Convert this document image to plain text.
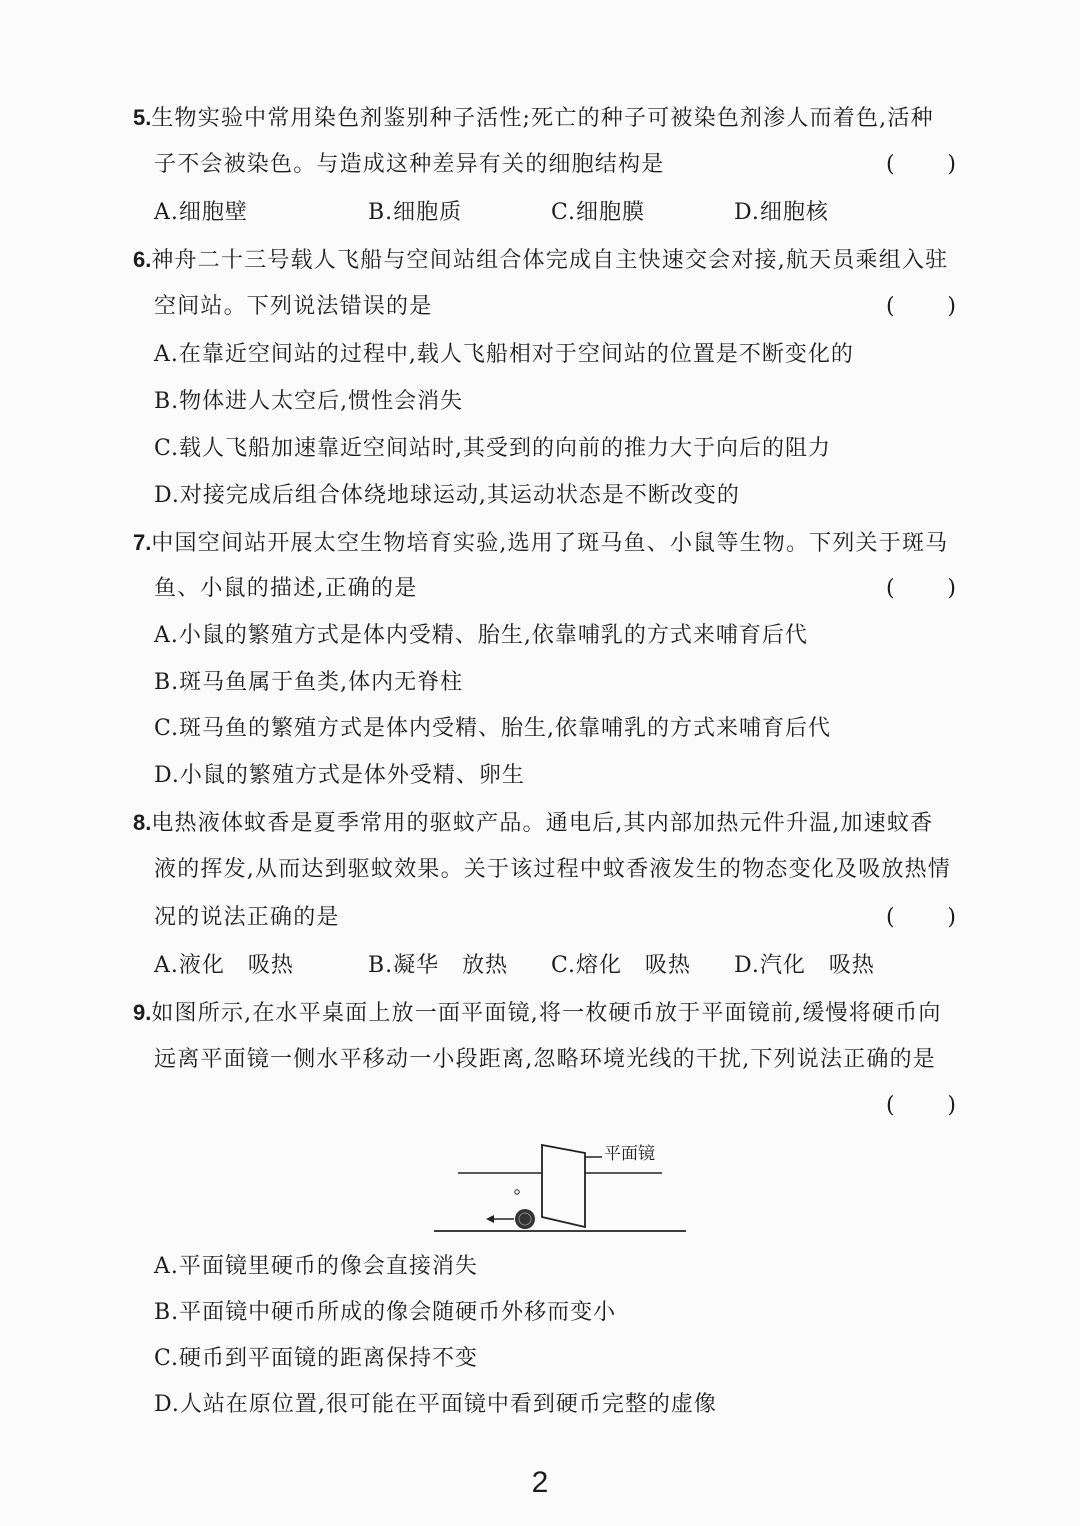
5.生物实验中常用染色剂鉴别种子活性;死亡的种子可被染色剂渗人而着色,活种
子不会被染色。与造成这种差异有关的细胞结构是	( )
A.细胞壁	B.细胞质	C.细胞膜	D.细胞核
6.神舟二十三号载人飞船与空间站组合体完成自主快速交会对接,航天员乘组入驻
空间站。下列说法错误的是	( )
A.在靠近空间站的过程中,载人飞船相对于空间站的位置是不断变化的
B.物体进人太空后,惯性会消失
C.载人飞船加速靠近空间站时,其受到的向前的推力大于向后的阻力
D.对接完成后组合体绕地球运动,其运动状态是不断改变的
7.中国空间站开展太空生物培育实验,选用了斑马鱼、小鼠等生物。下列关于斑马
鱼、小鼠的描述,正确的是	( )
A.小鼠的繁殖方式是体内受精、胎生,依靠哺乳的方式来哺育后代
B.斑马鱼属于鱼类,体内无脊柱
C.斑马鱼的繁殖方式是体内受精、胎生,依靠哺乳的方式来哺育后代
D.小鼠的繁殖方式是体外受精、卵生
8.电热液体蚊香是夏季常用的驱蚊产品。通电后,其内部加热元件升温,加速蚊香
液的挥发,从而达到驱蚊效果。关于该过程中蚊香液发生的物态变化及吸放热情
况的说法正确的是	( )
A.液化　吸热	B.凝华　放热 C.熔化　吸热 D.汽化　吸热
9.如图所示,在水平桌面上放一面平面镜,将一枚硬币放于平面镜前,缓慢将硬币向
远离平面镜一侧水平移动一小段距离,忽略环境光线的干扰,下列说法正确的是
( )
平面镜
A.平面镜里硬币的像会直接消失
B.平面镜中硬币所成的像会随硬币外移而变小
C.硬币到平面镜的距离保持不变
D.人站在原位置,很可能在平面镜中看到硬币完整的虚像
2
